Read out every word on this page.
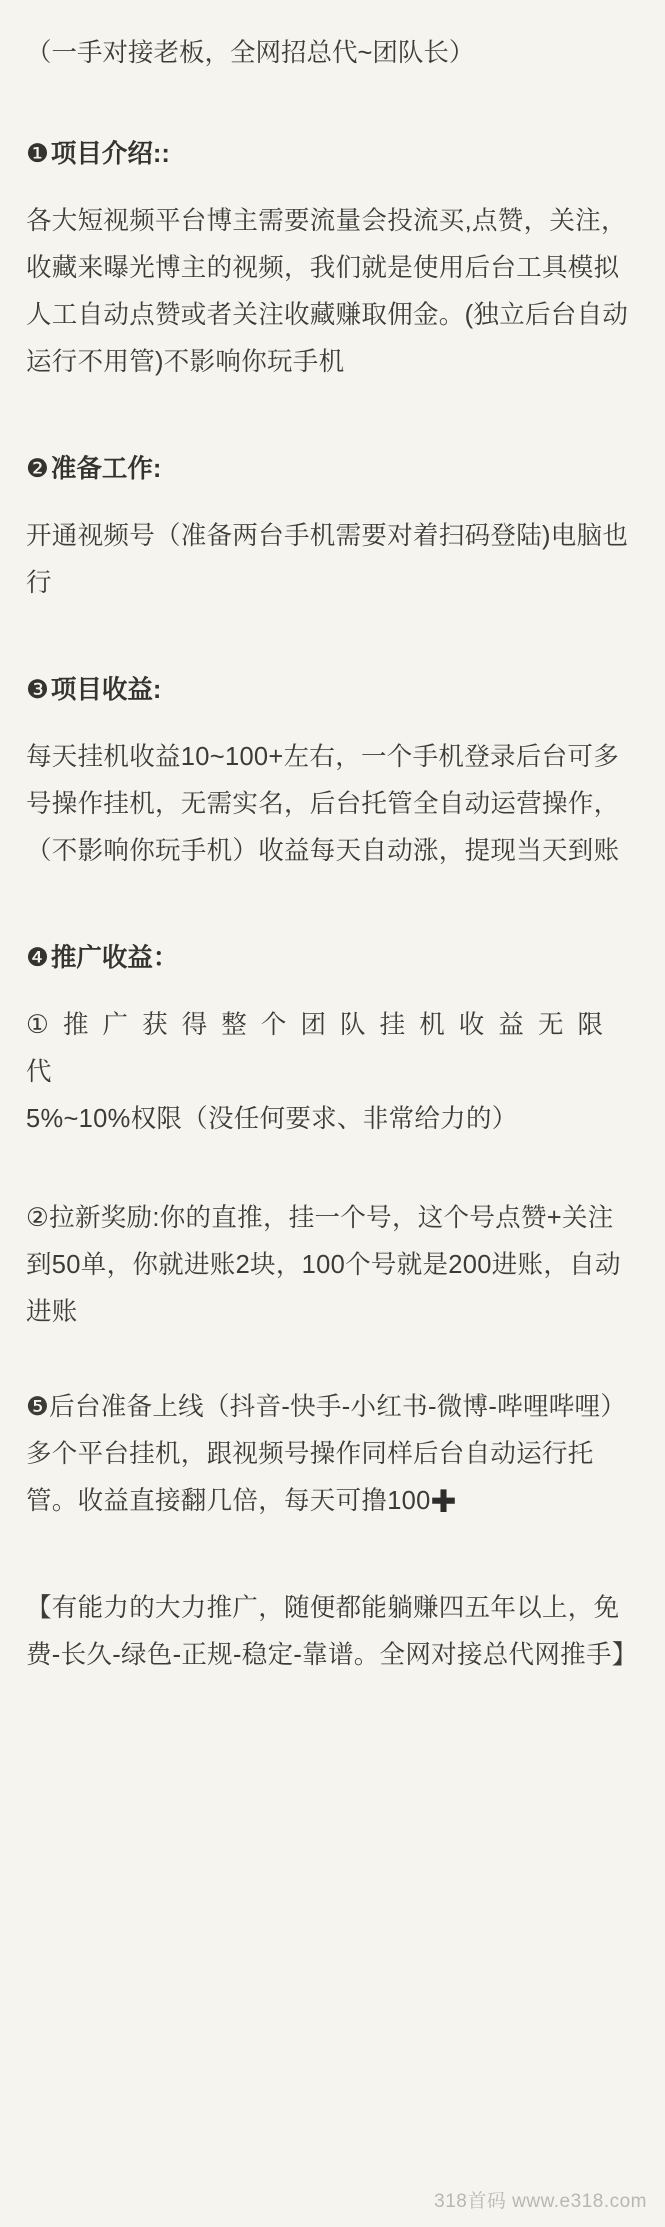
（一手对接老板，全网招总代~团队长）
❶项目介绍::

各大短视频平台博主需要流量会投流买,点赞，关注，收藏来曝光博主的视频，我们就是使用后台工具模拟人工自动点赞或者关注收藏赚取佣金。(独立后台自动运行不用管)不影响你玩手机

❷准备工作:

开通视频号（准备两台手机需要对着扫码登陆)电脑也行

❸项目收益:

每天挂机收益10~100+左右，一个手机登录后台可多号操作挂机，无需实名，后台托管全自动运营操作，（不影响你玩手机）收益每天自动涨，提现当天到账

❹推广收益：

① 推 广 获 得 整 个 团 队 挂 机 收 益 无 限 代
5%~10%权限（没任何要求、非常给力的）

②拉新奖励:你的直推，挂一个号，这个号点赞+关注到50单，你就进账2块，100个号就是200进账，自动进账

❺后台准备上线（抖音-快手-小红书-微博-哔哩哔哩）多个平台挂机，跟视频号操作同样后台自动运行托管。收益直接翻几倍，每天可撸100✚

【有能力的大力推广，随便都能躺赚四五年以上，免费-长久-绿色-正规-稳定-靠谱。全网对接总代网推手】

318首码 www.e318.com
